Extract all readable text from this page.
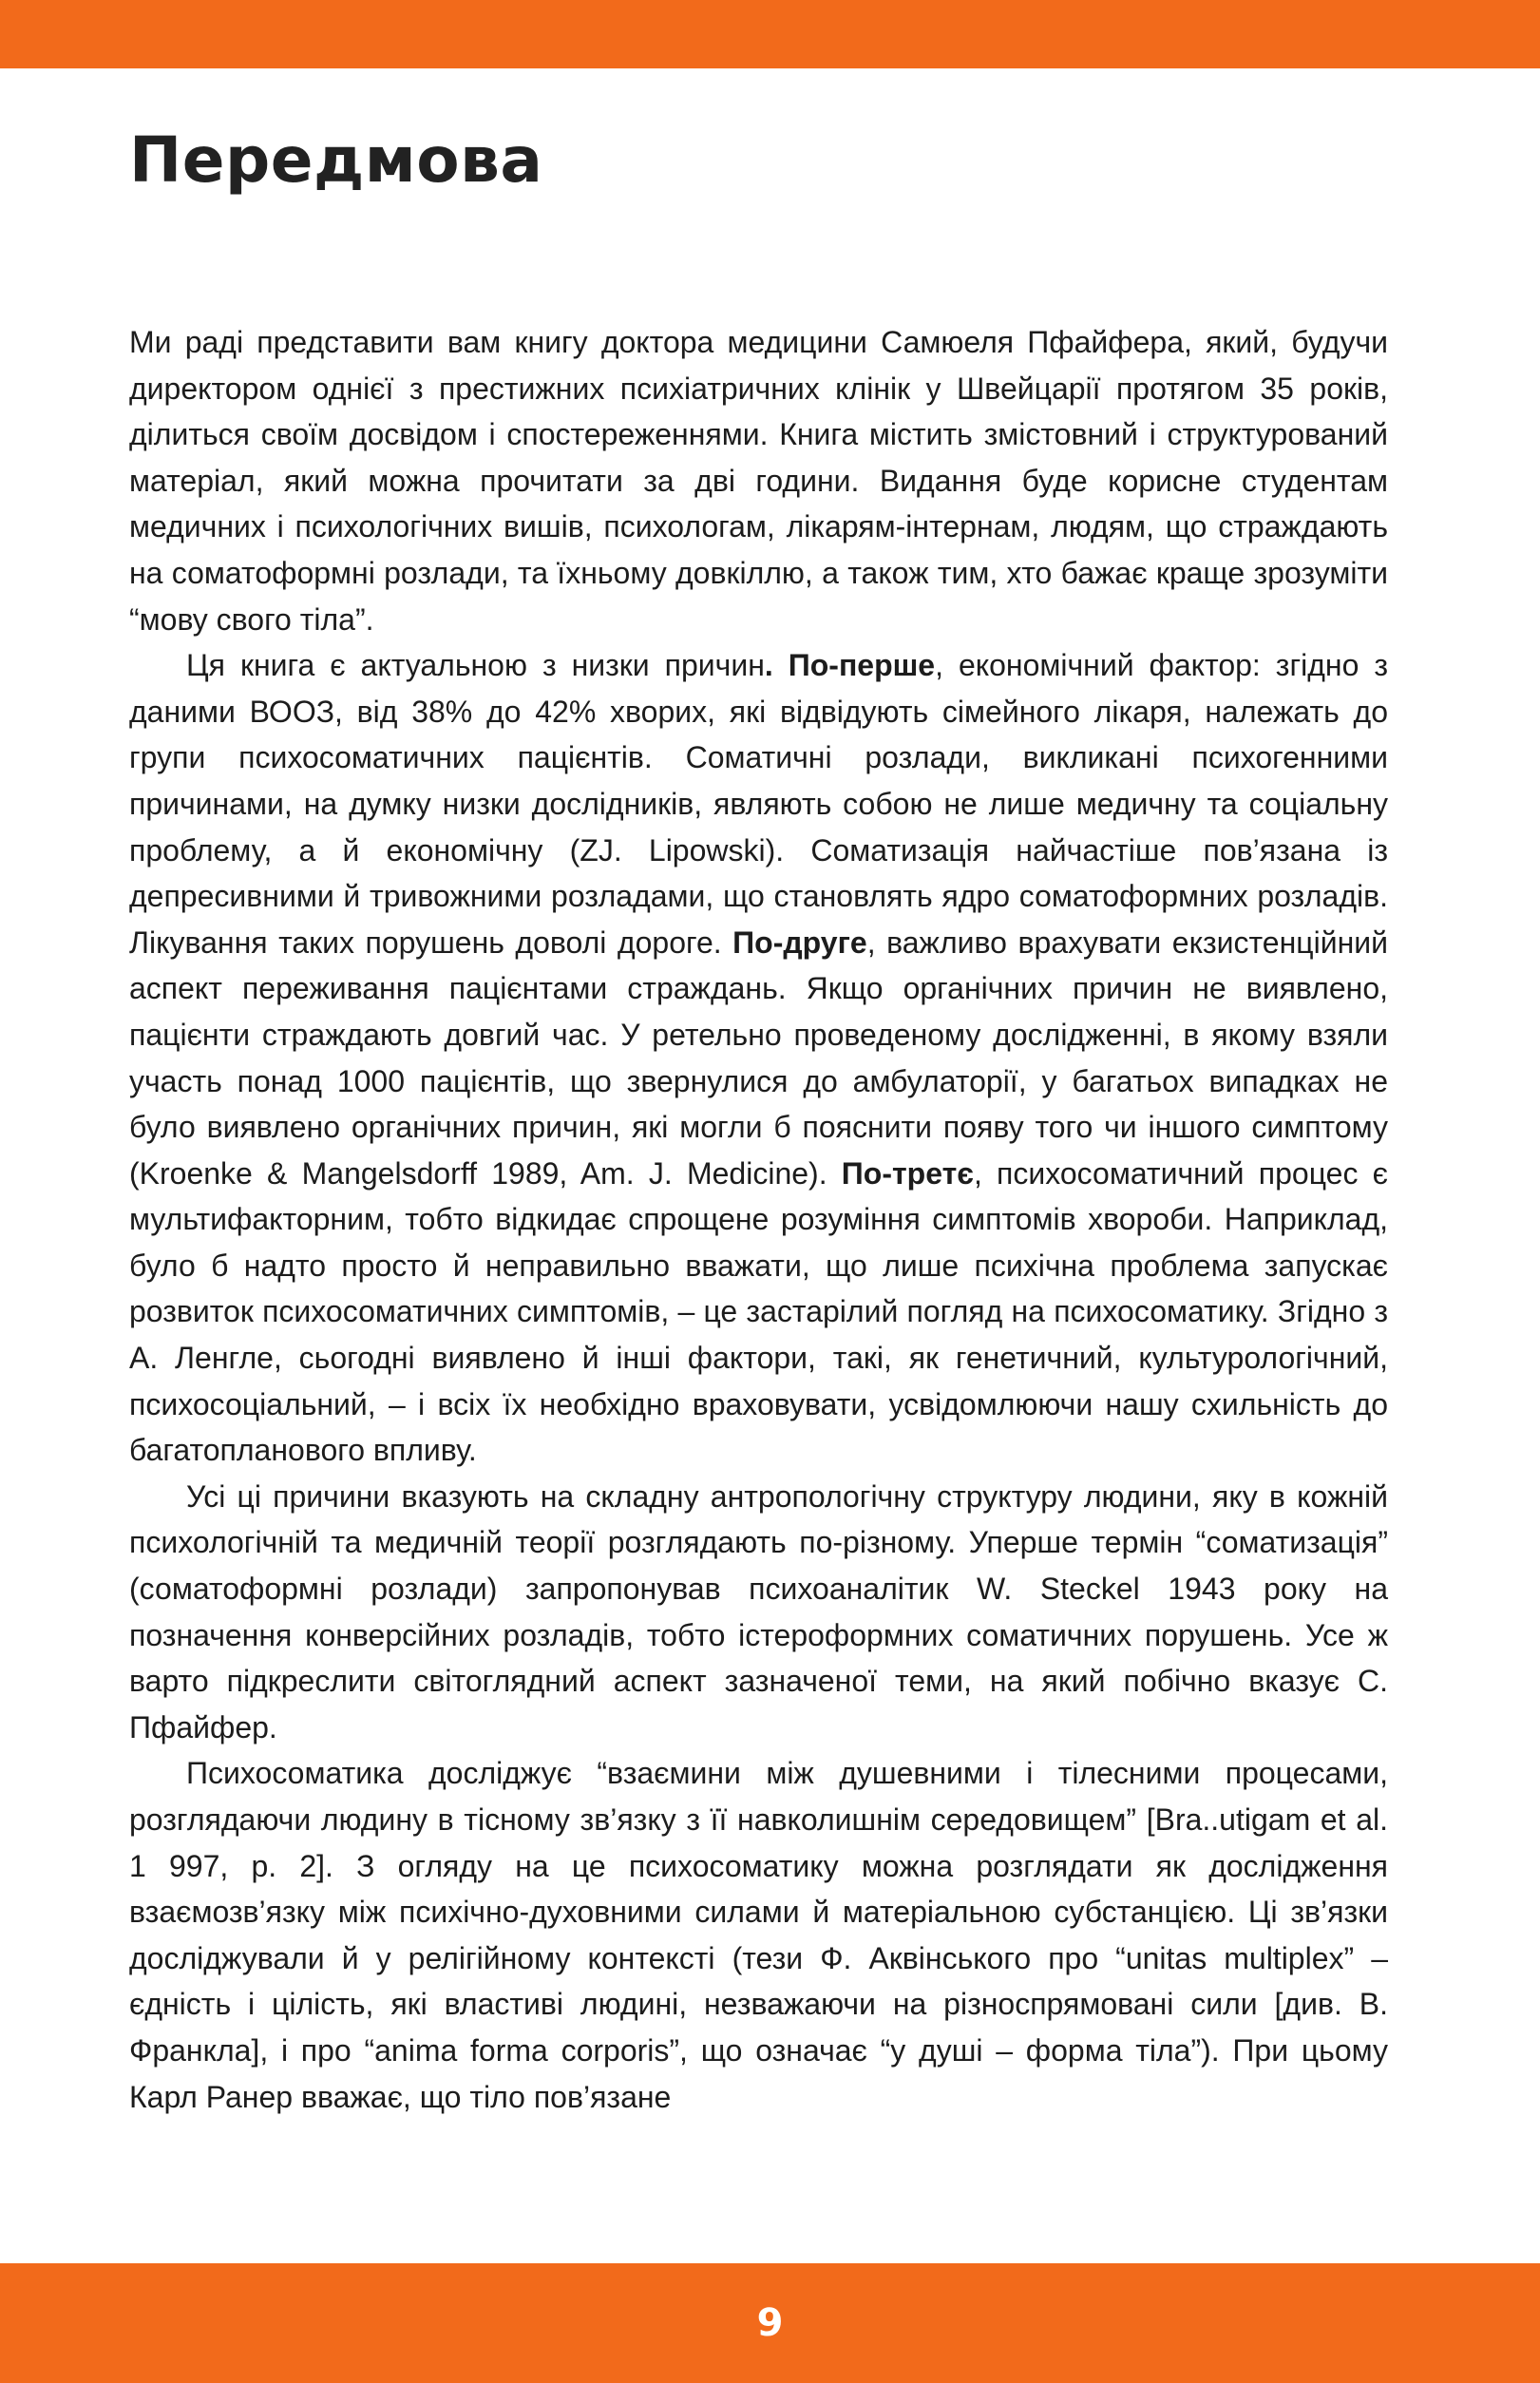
Передмова

Ми раді представити вам книгу доктора медицини Самюеля Пфайфера, який, будучи директором однієї з престижних психіатричних клінік у Швейцарії протягом 35 років, ділиться своїм досвідом і спостереженнями. Книга містить змістовний і структурований матеріал, який можна прочитати за дві години. Видання буде корисне студентам медичних і психологічних вишів, психологам, лікарям-інтернам, людям, що страждають на соматоформні розлади, та їхньому довкіллю, а також тим, хто бажає краще зрозуміти “мову свого тіла”.

Ця книга є актуальною з низки причин. По-перше, економічний фактор: згідно з даними ВООЗ, від 38% до 42% хворих, які відвідують сімейного лікаря, належать до групи психосоматичних пацієнтів. Соматичні розлади, викликані психогенними причинами, на думку низки дослідників, являють собою не лише медичну та соціальну проблему, а й економічну (ZJ. Lipowski). Соматизація найчастіше пов’язана із депресивними й тривожними розладами, що становлять ядро соматоформних розладів. Лікування таких порушень доволі дороге. По-друге, важливо врахувати екзистенційний аспект переживання пацієнтами страждань. Якщо органічних причин не виявлено, пацієнти страждають довгий час. У ретельно проведеному дослідженні, в якому взяли участь понад 1000 пацієнтів, що звернулися до амбулаторії, у багатьох випадках не було виявлено органічних причин, які могли б пояснити появу того чи іншого симптому (Kroenke & Mangelsdorff 1989, Am. J. Medicine). По-третє, психосоматичний процес є мультифакторним, тобто відкидає спрощене розуміння симптомів хвороби. Наприклад, було б надто просто й неправильно вважати, що лише психічна проблема запускає розвиток психосоматичних симптомів, – це застарілий погляд на психосоматику. Згідно з А. Ленгле, сьогодні виявлено й інші фактори, такі, як генетичний, культурологічний, психосоціальний, – і всіх їх необхідно враховувати, усвідомлюючи нашу схильність до багатопланового впливу.

Усі ці причини вказують на складну антропологічну структуру людини, яку в кожній психологічній та медичній теорії розглядають по-різному. Уперше термін “соматизація” (соматоформні розлади) запропонував психоаналітик W. Steckel 1943 року на позначення конверсійних розладів, тобто істероформних соматичних порушень. Усе ж варто підкреслити світоглядний аспект зазначеної теми, на який побічно вказує С. Пфайфер.

Психосоматика досліджує “взаємини між душевними і тілесними процесами, розглядаючи людину в тісному зв’язку з її навколишнім середовищем” [Bra..utigam et al. 1 997, p. 2]. З огляду на це психосоматику можна розглядати як дослідження взаємозв’язку між психічно-духовними силами й матеріальною субстанцією. Ці зв’язки досліджували й у релігійному контексті (тези Ф. Аквінського про “unitas multiplex” – єдність і цілість, які властиві людині, незважаючи на різноспрямовані сили [див. В. Франкла], і про “anima forma corporis”, що означає “у душі – форма тіла”). При цьому Карл Ранер вважає, що тіло пов’язане

9
